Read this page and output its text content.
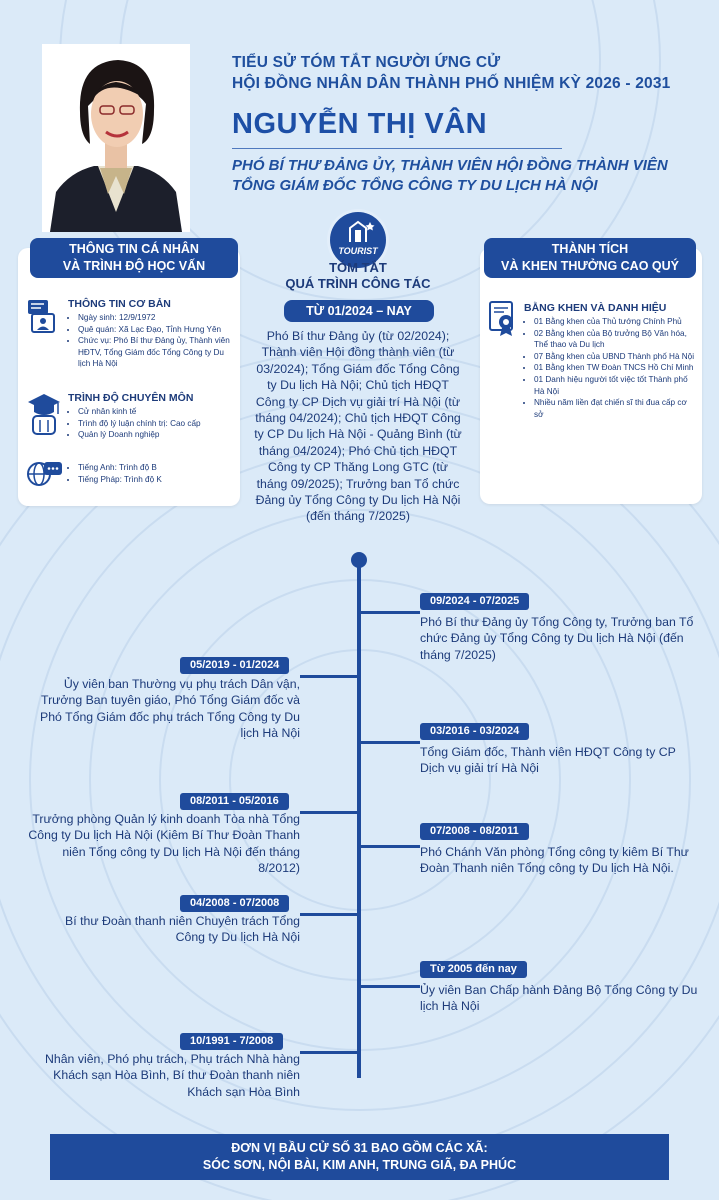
TIỂU SỬ TÓM TẮT NGƯỜI ỨNG CỬ
HỘI ĐỒNG NHÂN DÂN THÀNH PHỐ NHIỆM KỲ 2026 - 2031
NGUYỄN THỊ VÂN
PHÓ BÍ THƯ ĐẢNG ỦY, THÀNH VIÊN HỘI ĐỒNG THÀNH VIÊN
TỔNG GIÁM ĐỐC TỔNG CÔNG TY DU LỊCH HÀ NỘI
THÔNG TIN CÁ NHÂN
VÀ TRÌNH ĐỘ HỌC VẤN
THÔNG TIN CƠ BẢN
• Ngày sinh: 12/9/1972
• Quê quán: Xã Lạc Đạo, Tỉnh Hưng Yên
• Chức vụ: Phó Bí thư Đảng ủy, Thành viên HĐTV, Tổng Giám đốc Tổng Công ty Du lịch Hà Nội
TRÌNH ĐỘ CHUYÊN MÔN
• Cử nhân kinh tế
• Trình độ lý luận chính trị: Cao cấp
• Quản lý Doanh nghiệp
• Tiếng Anh: Trình độ B
• Tiếng Pháp: Trình độ K
THÀNH TÍCH
VÀ KHEN THƯỞNG CAO QUÝ
BẰNG KHEN VÀ DANH HIỆU
• 01 Bằng khen của Thủ tướng Chính Phủ
• 02 Bằng khen của Bộ trưởng Bộ Văn hóa, Thể thao và Du lịch
• 07 Bằng khen của UBND Thành phố Hà Nội
• 01 Bằng khen TW Đoàn TNCS Hồ Chí Minh
• 01 Danh hiệu người tốt việc tốt Thành phố Hà Nội
• Nhiều năm liền đạt chiến sĩ thi đua cấp cơ sở
TOURIST
TÓM TẮT
QUÁ TRÌNH CÔNG TÁC
TỪ 01/2024 – NAY
Phó Bí thư Đảng ủy (từ 02/2024); Thành viên Hội đồng thành viên (từ 03/2024); Tổng Giám đốc Tổng Công ty Du lịch Hà Nội; Chủ tịch HĐQT Công ty CP Dịch vụ giải trí Hà Nội (từ tháng 04/2024); Chủ tịch HĐQT Công ty CP Du lịch Hà Nội - Quảng Bình (từ tháng 04/2024); Phó Chủ tịch HĐQT Công ty CP Thăng Long GTC (từ tháng 09/2025); Trưởng ban Tổ chức Đảng ủy Tổng Công ty Du lịch Hà Nội (đến tháng 7/2025)
09/2024 - 07/2025
Phó Bí thư Đảng ủy Tổng Công ty, Trưởng ban Tổ chức Đảng ủy Tổng Công ty Du lịch Hà Nội (đến tháng 7/2025)
03/2016 - 03/2024
Tổng Giám đốc, Thành viên HĐQT Công ty CP Dịch vụ giải trí Hà Nội
07/2008 - 08/2011
Phó Chánh Văn phòng Tổng công ty kiêm Bí Thư Đoàn Thanh niên Tổng công ty Du lịch Hà Nội.
Từ 2005 đến nay
Ủy viên Ban Chấp hành Đảng Bộ Tổng Công ty Du lịch Hà Nội
05/2019 - 01/2024
Ủy viên ban Thường vụ phụ trách Dân vận, Trưởng Ban tuyên giáo, Phó Tổng Giám đốc và Phó Tổng Giám đốc phụ trách Tổng Công ty Du lịch Hà Nội
08/2011 - 05/2016
Trưởng phòng Quản lý kinh doanh Tòa nhà Tổng Công ty Du lịch Hà Nội (Kiêm Bí Thư Đoàn Thanh niên Tổng công ty Du lịch Hà Nội đến tháng 8/2012)
04/2008 - 07/2008
Bí thư Đoàn thanh niên Chuyên trách Tổng Công ty Du lịch Hà Nội
10/1991 - 7/2008
Nhân viên, Phó phụ trách, Phụ trách Nhà hàng Khách sạn Hòa Bình, Bí thư Đoàn thanh niên Khách sạn Hòa Bình
ĐƠN VỊ BẦU CỬ SỐ 31 BAO GỒM CÁC XÃ:
SÓC SƠN, NỘI BÀI, KIM ANH, TRUNG GIÃ, ĐA PHÚC
